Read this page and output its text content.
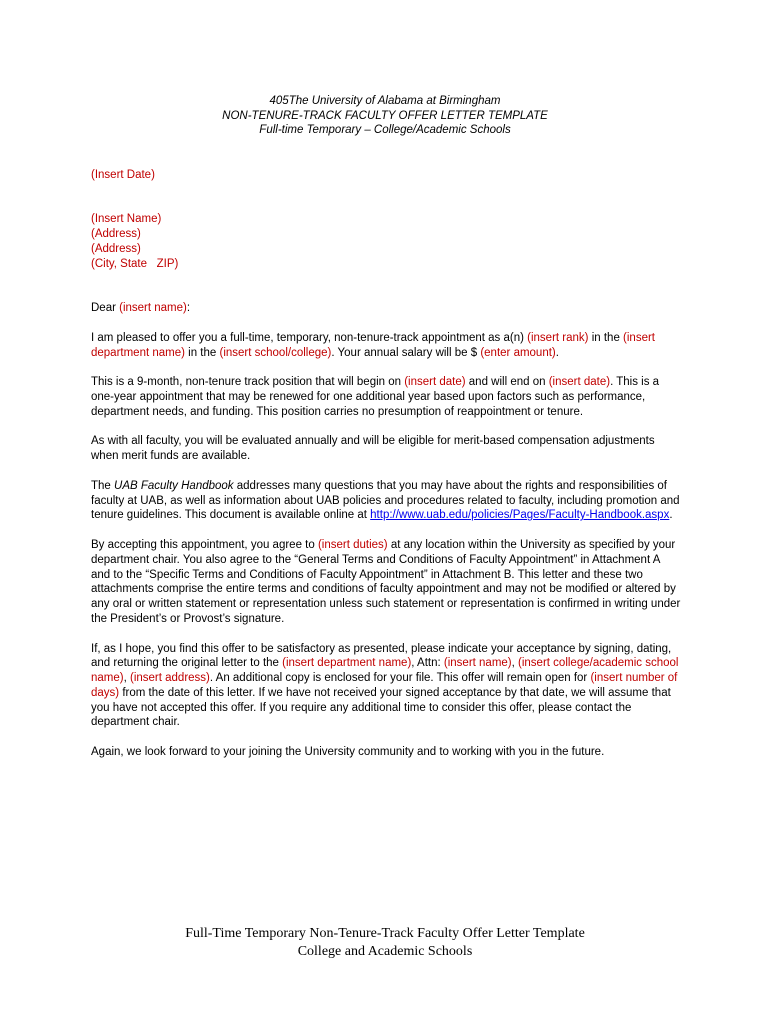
405The University of Alabama at Birmingham
NON-TENURE-TRACK FACULTY OFFER LETTER TEMPLATE
Full-time Temporary – College/Academic Schools

(Insert Date)

(Insert Name)

(Address)

(Address)

(City, State   ZIP)

Dear (insert name):

I am pleased to offer you a full-time, temporary, non-tenure-track appointment as a(n) (insert rank) in the (insert department name) in the (insert school/college). Your annual salary will be $ (enter amount).

This is a 9-month, non-tenure track position that will begin on (insert date) and will end on (insert date). This is a one-year appointment that may be renewed for one additional year based upon factors such as performance, department needs, and funding. This position carries no presumption of reappointment or tenure.

As with all faculty, you will be evaluated annually and will be eligible for merit-based compensation adjustments when merit funds are available.

The UAB Faculty Handbook addresses many questions that you may have about the rights and responsibilities of faculty at UAB, as well as information about UAB policies and procedures related to faculty, including promotion and tenure guidelines. This document is available online at http://www.uab.edu/policies/Pages/Faculty-Handbook.aspx.

By accepting this appointment, you agree to (insert duties) at any location within the University as specified by your department chair. You also agree to the “General Terms and Conditions of Faculty Appointment” in Attachment A and to the “Specific Terms and Conditions of Faculty Appointment” in Attachment B. This letter and these two attachments comprise the entire terms and conditions of faculty appointment and may not be modified or altered by any oral or written statement or representation unless such statement or representation is confirmed in writing under the President’s or Provost’s signature.

If, as I hope, you find this offer to be satisfactory as presented, please indicate your acceptance by signing, dating, and returning the original letter to the (insert department name), Attn: (insert name), (insert college/academic school name), (insert address). An additional copy is enclosed for your file. This offer will remain open for (insert number of days) from the date of this letter. If we have not received your signed acceptance by that date, we will assume that you have not accepted this offer. If you require any additional time to consider this offer, please contact the department chair.

Again, we look forward to your joining the University community and to working with you in the future.

Full-Time Temporary Non-Tenure-Track Faculty Offer Letter Template
College and Academic Schools
